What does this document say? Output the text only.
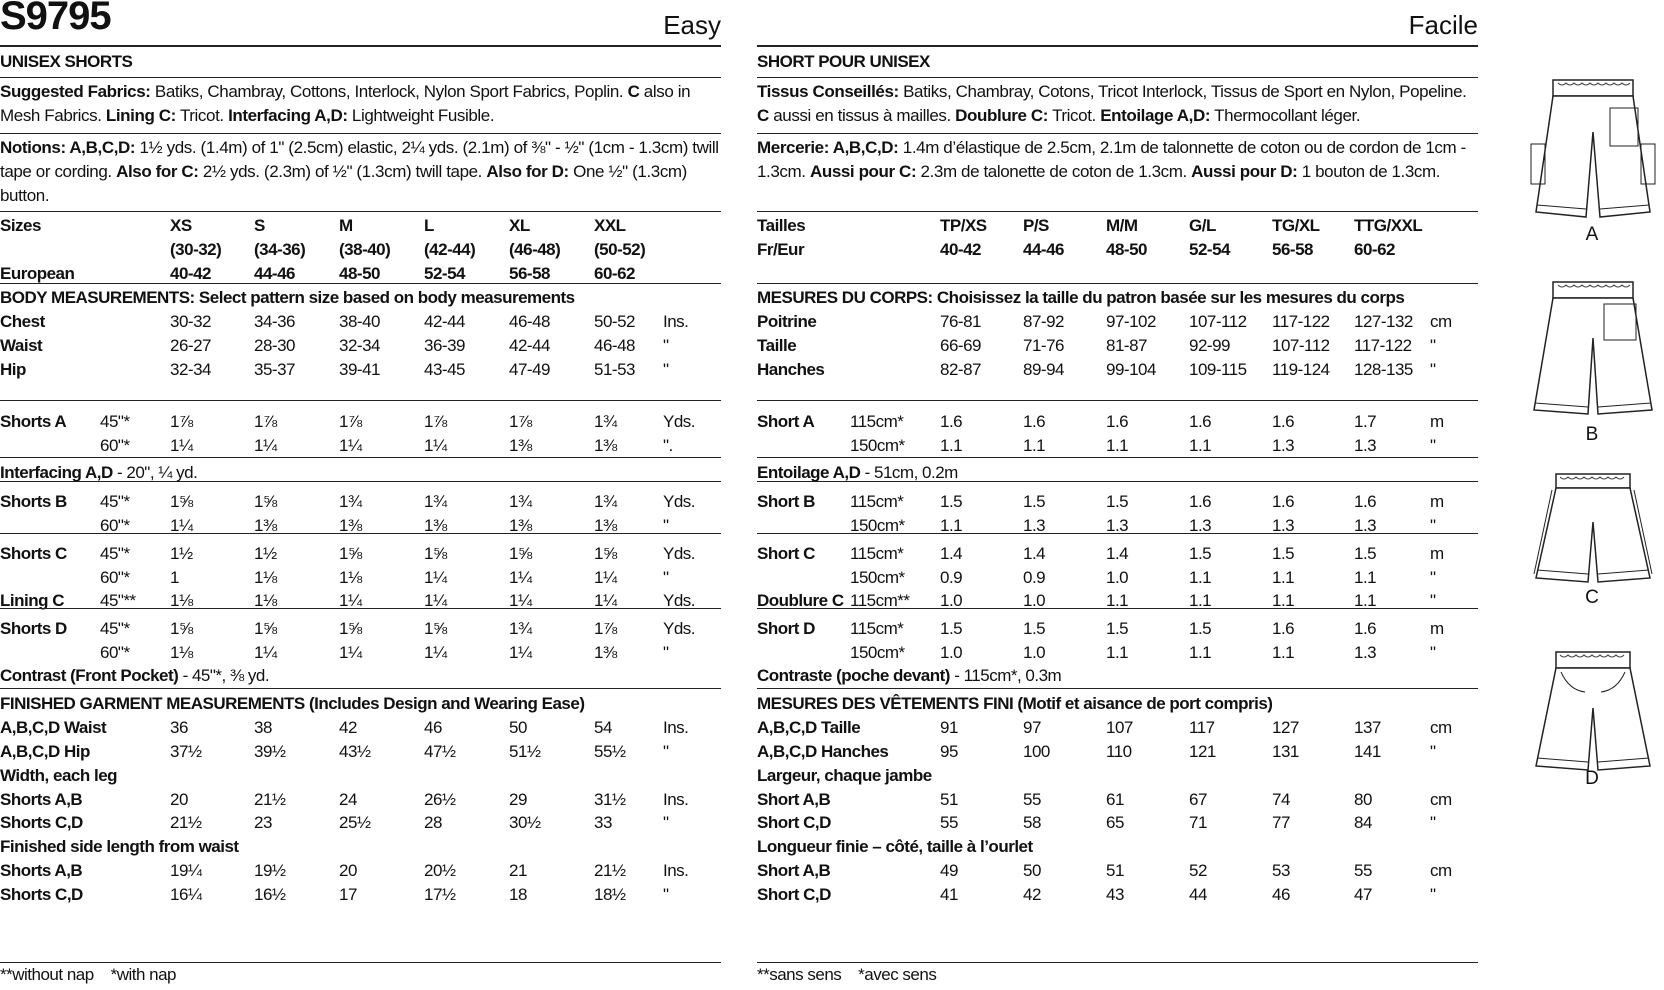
S9795	Easy
UNISEX SHORTS
Suggested Fabrics: Batiks, Chambray, Cottons, Interlock, Nylon Sport Fabrics, Poplin. C also in Mesh Fabrics. Lining C: Tricot. Interfacing A,D: Lightweight Fusible.
Notions: A,B,C,D: 1½ yds. (1.4m) of 1" (2.5cm) elastic, 2¼ yds. (2.1m) of ⅜" - ½" (1cm - 1.3cm) twill tape or cording. Also for C: 2½ yds. (2.3m) of ½" (1.3cm) twill tape. Also for D: One ½" (1.3cm) button.
Sizes	XS	S	M	L	XL	XXL
(30-32) (34-36) (38-40) (42-44) (46-48) (50-52)
European	40-42	44-46	48-50	52-54	56-58	60-62
BODY MEASUREMENTS: Select pattern size based on body measurements
Chest	30-32	34-36	38-40	42-44	46-48	50-52 Ins.
Waist	26-27	28-30	32-34	36-39	42-44	46-48 "
Hip	32-34	35-37	39-41	43-45	47-49	51-53 "
Shorts A 45"* 1⅞	1⅞	1⅞	1⅞	1⅞	1¾	Yds.
60"* 1¼	1¼	1¼	1¼	1⅜	1⅜	".
Shorts B 45"* 1⅝	1⅝	1¾	1¾	1¾	1¾	Yds.
60"* 1¼	1⅜	1⅜	1⅜	1⅜	1⅜	"
Shorts C 45"* 1½	1½	1⅝	1⅝	1⅝	1⅝	Yds.
60"* 1	1⅛	1⅛	1¼	1¼	1¼	"
Lining C 45"** 1⅛	1⅛	1¼	1¼	1¼	1¼	Yds.
Shorts D 45"* 1⅝	1⅝	1⅝	1⅝	1¾	1⅞	Yds.
60"* 1⅛	1¼	1¼	1¼	1¼	1⅜	"
Interfacing A,D - 20", ¼ yd.
Contrast (Front Pocket) - 45"*, ⅜ yd.
FINISHED GARMENT MEASUREMENTS (Includes Design and Wearing Ease)
A,B,C,D Waist	36	38	42	46	50	54	Ins.
A,B,C,D Hip	37½	39½	43½	47½	51½	55½ "
Width, each leg
Shorts A,B	20	21½	24	26½	29	31½ Ins.
Shorts C,D	21½	23	25½	28	30½	33	"
Finished side length from waist
Shorts A,B	19¼	19½	20	20½	21	21½ Ins.
Shorts C,D	16¼	16½	17	17½	18	18½ "
**without nap    *with nap
Facile
SHORT POUR UNISEX
Tissus Conseillés: Batiks, Chambray, Cotons, Tricot Interlock, Tissus de Sport en Nylon, Popeline. C aussi en tissus à mailles. Doublure C: Tricot. Entoilage A,D: Thermocollant léger.
Mercerie: A,B,C,D: 1.4m d’élastique de 2.5cm, 2.1m de talonnette de coton ou de cordon de 1cm - 1.3cm. Aussi pour C: 2.3m de talonette de coton de 1.3cm. Aussi pour D: 1 bouton de 1.3cm.
Tailles	TP/XS P/S	M/M	G/L	TG/XL TTG/XXL
Fr/Eur	40-42 44-46 48-50 52-54 56-58 60-62
MESURES DU CORPS: Choisissez la taille du patron basée sur les mesures du corps
Poitrine	76-81 87-92 97-102 107-112 117-122 127-132 cm
Taille	66-69 71-76 81-87 92-99 107-112 117-122 "
Hanches	82-87 89-94 99-104 109-115 119-124 128-135 "
Short A 115cm* 1.6	1.6	1.6	1.6	1.6	1.7	m
150cm* 1.1	1.1	1.1	1.1	1.3	1.3	"
Short B 115cm* 1.5	1.5	1.5	1.6	1.6	1.6	m
150cm* 1.1	1.3	1.3	1.3	1.3	1.3	"
Short C 115cm* 1.4	1.4	1.4	1.5	1.5	1.5	m
150cm* 0.9	0.9	1.0	1.1	1.1	1.1	"
Doublure C 115cm** 1.0	1.0	1.1	1.1	1.1	1.1	"
Short D 115cm* 1.5	1.5	1.5	1.5	1.6	1.6	m
150cm* 1.0	1.0	1.1	1.1	1.1	1.3	"
Entoilage A,D - 51cm, 0.2m
Contraste (poche devant) - 115cm*, 0.3m
MESURES DES VÊTEMENTS FINI (Motif et aisance de port compris)
A,B,C,D Taille	91	97	107	117	127	137	cm
A,B,C,D Hanches	95	100	110	121	131	141	"
Largeur, chaque jambe
Short A,B	51	55	61	67	74	80	cm
Short C,D	55	58	65	71	77	84	"
Longueur finie – côté, taille à l’ourlet
Short A,B	49	50	51	52	53	55	cm
Short C,D	41	42	43	44	46	47	"
**sans sens    *avec sens
A
B
C
D
